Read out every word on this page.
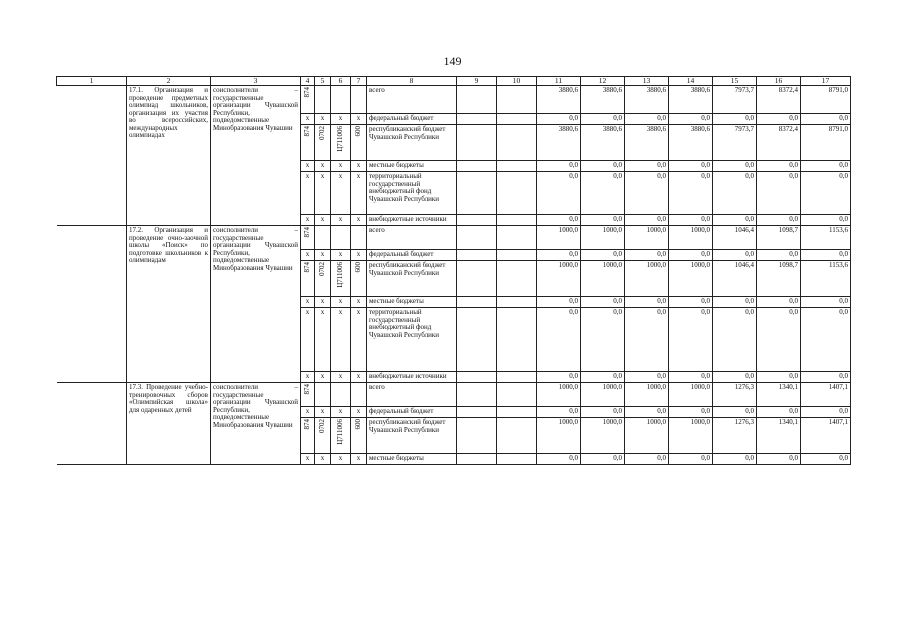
149
1	2	3	4	5	6	7	8	9	10	11	12	13	14	15	16	17
	17.1. Организация и проведение предметных олимпиад школьников, организация их участия во всероссийских, международных олимпиадах	соисполнители – государственные организации Чувашской Республики, подведомственные Минобразования Чувашии	874				всего			3880,6	3880,6	3880,6	3880,6	7973,7	8372,4	8791,0
			x	x	x	x	федеральный бюджет			0,0	0,0	0,0	0,0	0,0	0,0	0,0

			874	0702	Ц711006	600	республиканский бюджет Чувашской Республики			3880,6	3880,6	3880,6	3880,6	7973,7	8372,4	8791,0
			x	x	x	x	местные бюджеты			0,0	0,0	0,0	0,0	0,0	0,0	0,0
			x	x	x	x	территориальный государственный внебюджетный фонд Чувашской Республики			0,0	0,0	0,0	0,0	0,0	0,0	0,0
			x	x	x	x	внебюджетные источники			0,0	0,0	0,0	0,0	0,0	0,0	0,0
	17.2. Организация и проведение очно-заочной школы «Поиск» по подготовке школьников к олимпиадам	соисполнители – государственные организации Чувашской Республики, подведомственные Минобразования Чувашии	874				всего			1000,0	1000,0	1000,0	1000,0	1046,4	1098,7	1153,6
			x	x	x	x	федеральный бюджет			0,0	0,0	0,0	0,0	0,0	0,0	0,0

			874	0702	Ц711006	600	республиканский бюджет Чувашской Республики			1000,0	1000,0	1000,0	1000,0	1046,4	1098,7	1153,6
			x	x	x	x	местные бюджеты			0,0	0,0	0,0	0,0	0,0	0,0	0,0
			x	x	x	x	территориальный государственный внебюджетный фонд Чувашской Республики			0,0	0,0	0,0	0,0	0,0	0,0	0,0
			x	x	x	x	внебюджетные источники			0,0	0,0	0,0	0,0	0,0	0,0	0,0
	17.3. Проведение учебно-тренировочных сборов «Олимпийская школа» для одаренных детей	соисполнители – государственные организации Чувашской Республики, подведомственные Минобразования Чувашии	874				всего			1000,0	1000,0	1000,0	1000,0	1276,3	1340,1	1407,1
			x	x	x	x	федеральный бюджет			0,0	0,0	0,0	0,0	0,0	0,0	0,0

			874	0702	Ц711006	600	республиканский бюджет Чувашской Республики			1000,0	1000,0	1000,0	1000,0	1276,3	1340,1	1407,1
			x	x	x	x	местные бюджеты			0,0	0,0	0,0	0,0	0,0	0,0	0,0
